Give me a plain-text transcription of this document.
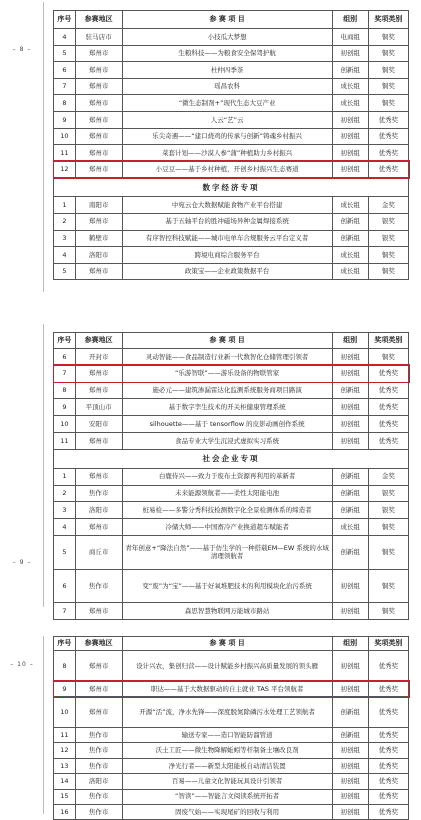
– 8 –
序号	参赛地区	参 赛 项 目	组别	奖项类别
4	驻马店市	小技瓜大梦想	电商组	铜奖
5	郑州市	生粮科技——为粮食安全保驾护航	初创组	铜奖
6	郑州市	杜仲四季茶	创新组	铜奖
7	郑州市	瑶昌农科	成长组	铜奖
8	郑州市	“微生态制剂+”现代生态大豆产业	成长组	铜奖
9	郑州市	人云“艺”云	初创组	优秀奖
10	郑州市	乐尖奇遇——“建口烧鸡的传承与创新”铸魂乡村振兴	初创组	优秀奖
11	郑州市	菜套计划——沙漠人参“蒲”种植助力乡村振兴	初创组	优秀奖
12	郑州市	小豆豆——基于乡村种植，开创乡村振兴生态赛道	初创组	优秀奖
数字经济专项				
1	南阳市	中宛云仓大数据赋能食物产业平台搭建	成长组	金奖
2	郑州市	基于五轴平台的胜冲磁场异种金属焊接系统	创新组	银奖
3	鹤壁市	有序智控科技赋能——城市电单车合规服务云平台定义者	创新组	银奖
4	洛阳市	跨境电商综合服务平台	成长组	铜奖
5	郑州市	政策宝——企业政策数据平台	成长组	铜奖
– 9 –
序号	参赛地区	参 赛 项 目	组别	奖项类别
6	开封市	灵动智能——食品制造行业新一代数智化仓储管理引领者	初创组	铜奖
7	郑州市	“乐游智联”——游乐设备的物联管家	初创组	优秀奖
8	郑州市	施必元——建筑渗漏雷达化监测系统服务商项目路演	创新组	优秀奖
9	平顶山市	基于数字孪生技术的开关柜健康管理系统	初创组	优秀奖
10	安阳市	silhouette——基于 tensorflow 的皮影动画创作系统	初创组	优秀奖
11	郑州市	食品专业大学生沉浸式虚拟实习系统	初创组	优秀奖
社会企业专项				
1	郑州市	白鹿侍兴——致力于废布土资源再利用的革新者	创新组	金奖
2	焦作市	未来能源领航者——柔性太阳能电池	创新组	银奖
3	洛阳市	桩易检——多警分秀科技检测数字化全景检测体系的缔造者	创新组	银奖
4	郑州市	冷储大师——中国畜冷产业换道超车赋能者	成长组	铜奖
5	商丘市	青年创意+“降法自然”——基于仿生学的一种搭载EM—EW 系统的水域清理领航者	创新组	铜奖
6	焦作市	变“废”为“宝”——基于好氧堆肥技术的利用模块化治污系统	初创组	铜奖
7	郑州市	森思智慧物联网万能城市路站	初创组	铜奖
– 10 –
序号	参赛地区	参 赛 项 目	组别	奖项类别
8	郑州市	设计兴农，集创归营——设计赋能乡村振兴高质量发展的领头雁	初创组	优秀奖
9	郑州市	职达——基于大数据驱动的自主就业 TAS 平台领航者	初创组	优秀奖
10	郑州市	开源“活”流，净水先锋——深度脱氮除磷污水处理工艺领航者	创新组	优秀奖
11	焦作市	输送专家——造口智能防溜管道	创新组	优秀奖
12	焦作市	沃土工匠——微生物降解蚯蚓等杆制备土壤改良剂	初创组	优秀奖
13	焦作市	净光行者——新型太阳能板自动清洁装置	初创组	优秀奖
14	洛阳市	百易——儿童文化智能玩具设计引领者	初创组	优秀奖
15	焦作市	“智读”——智能言文阅读系统开拓者	初创组	优秀奖
16	焦作市	固废气始——实现尾矿的回收与利用	初创组	优秀奖
